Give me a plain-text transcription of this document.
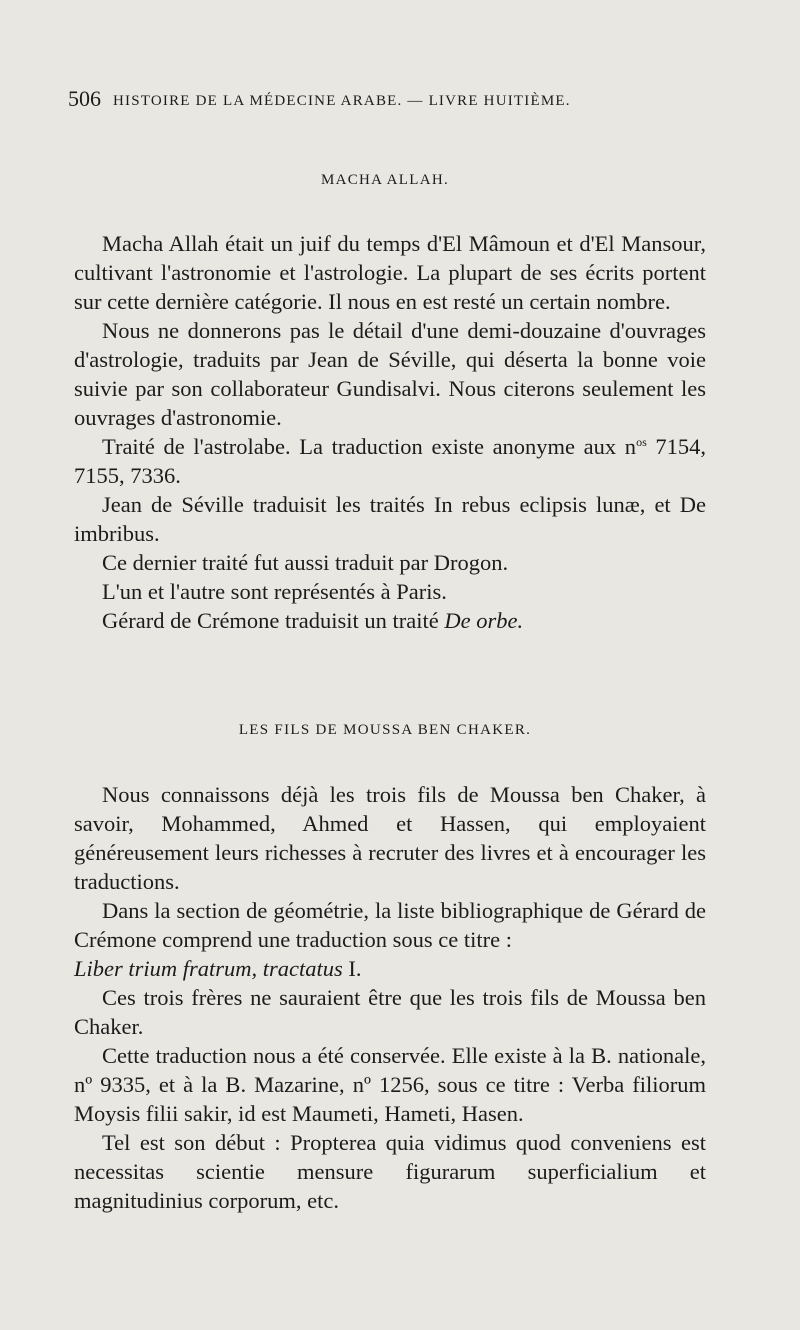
506 HISTOIRE DE LA MÉDECINE ARABE. — LIVRE HUITIÈME.
MACHA ALLAH.

Macha Allah était un juif du temps d'El Mâmoun et d'El Mansour, cultivant l'astronomie et l'astrologie. La plupart de ses écrits portent sur cette dernière catégorie. Il nous en est resté un certain nombre.

Nous ne donnerons pas le détail d'une demi-douzaine d'ouvrages d'astrologie, traduits par Jean de Séville, qui déserta la bonne voie suivie par son collaborateur Gundisalvi. Nous citerons seulement les ouvrages d'astronomie.

Traité de l'astrolabe. La traduction existe anonyme aux $n^{os}$ 7154, 7155, 7336.

Jean de Séville traduisit les traités In rebus eclipsis lunæ, et De imbribus.

Ce dernier traité fut aussi traduit par Drogon.

L'un et l'autre sont représentés à Paris.

Gérard de Crémone traduisit un traité De orbe.

LES FILS DE MOUSSA BEN CHAKER.

Nous connaissons déjà les trois fils de Moussa ben Chaker, à savoir, Mohammed, Ahmed et Hassen, qui employaient généreusement leurs richesses à recruter des livres et à encourager les traductions.

Dans la section de géométrie, la liste bibliographique de Gérard de Crémone comprend une traduction sous ce titre :

Liber trium fratrum, tractatus I.

Ces trois frères ne sauraient être que les trois fils de Moussa ben Chaker.

Cette traduction nous a été conservée. Elle existe à la B. nationale, nº 9335, et à la B. Mazarine, nº 1256, sous ce titre : Verba filiorum Moysis filii sakir, id est Maumeti, Hameti, Hasen.

Tel est son début : Propterea quia vidimus quod conveniens est necessitas scientie mensure figurarum superficialium et magnitudinius corporum, etc.
